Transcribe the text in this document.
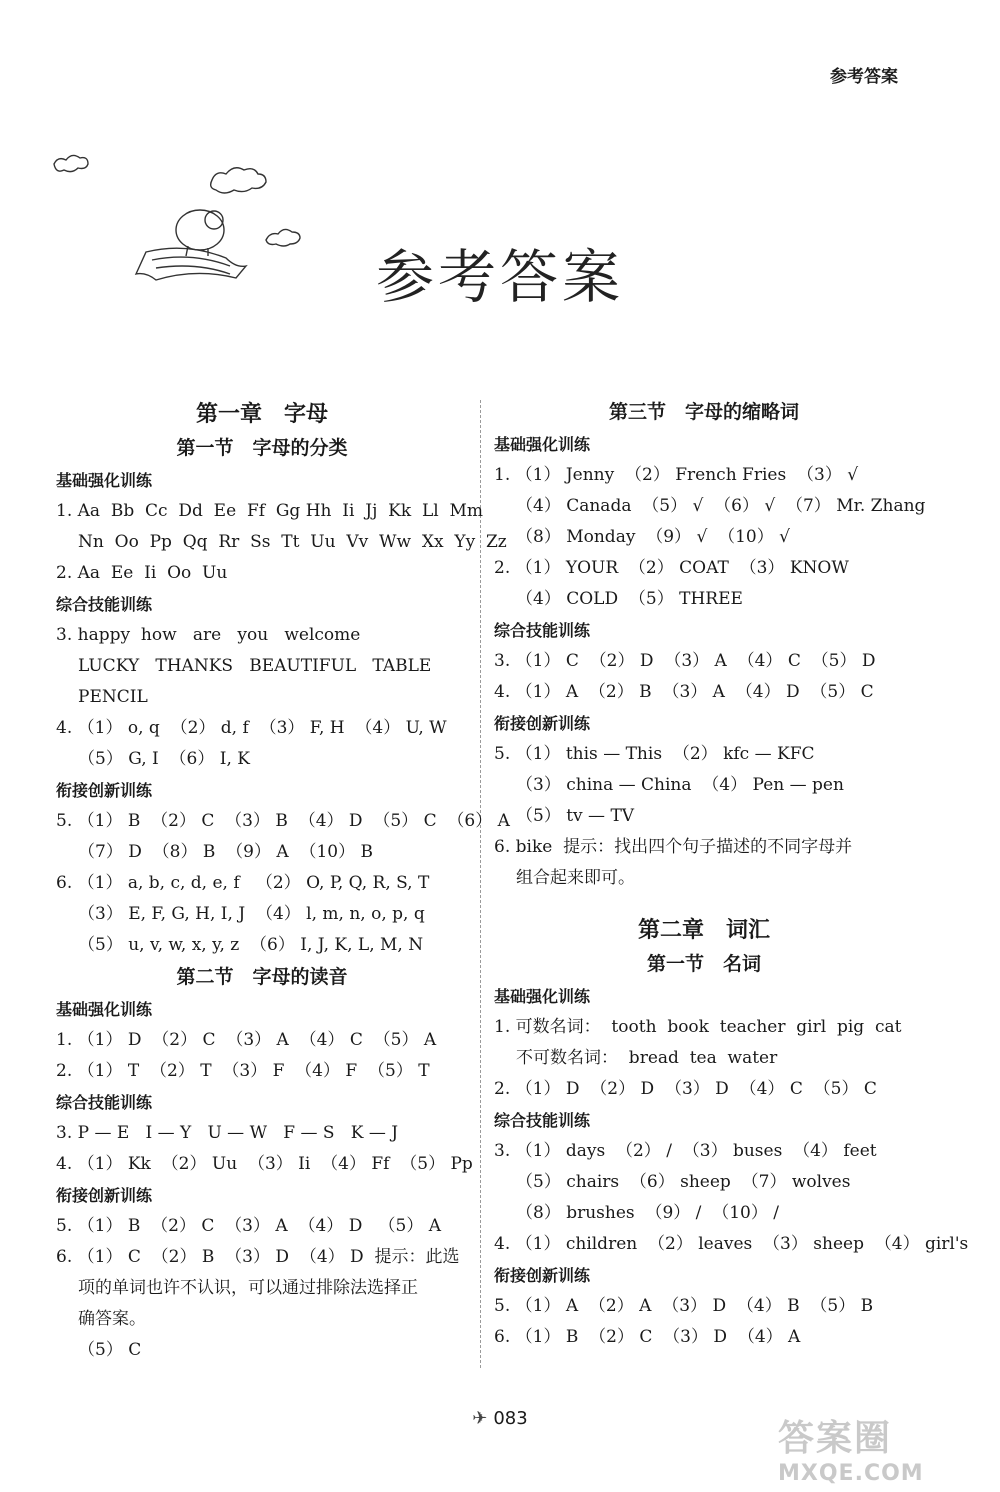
参考答案
参考答案
第一章　字母
第一节　字母的分类
基础强化训练
1. Aa  Bb  Cc  Dd  Ee  Ff  Gg Hh  Ii  Jj  Kk  Ll  Mm
Nn  Oo  Pp  Qq  Rr  Ss  Tt  Uu  Vv  Ww  Xx  Yy  Zz
2. Aa  Ee  Ii  Oo  Uu
综合技能训练
3. happy  how   are   you   welcome
LUCKY   THANKS   BEAUTIFUL   TABLE
PENCIL
4. （1） o, q  （2） d, f  （3） F, H  （4） U, W
（5） G, I  （6） I, K
衔接创新训练
5. （1） B  （2） C  （3） B  （4） D  （5） C  （6） A
（7） D  （8） B  （9） A  （10） B
6. （1） a, b, c, d, e, f   （2） O, P, Q, R, S, T
（3） E, F, G, H, I, J  （4） l, m, n, o, p, q
（5） u, v, w, x, y, z  （6） I, J, K, L, M, N
第二节　字母的读音
基础强化训练
1. （1） D  （2） C  （3） A  （4） C  （5） A
2. （1） T  （2） T  （3） F  （4） F  （5） T
综合技能训练
3. P — E   I — Y   U — W   F — S   K — J
4. （1） Kk  （2） Uu  （3） Ii  （4） Ff  （5） Pp
衔接创新训练
5. （1） B  （2） C  （3） A  （4） D   （5） A
6. （1） C  （2） B  （3） D  （4） D  提示：此选
项的单词也许不认识，可以通过排除法选择正
确答案。
（5） C
第三节　字母的缩略词
基础强化训练
1. （1） Jenny  （2） French Fries  （3） √
（4） Canada  （5） √  （6） √  （7） Mr. Zhang
（8） Monday  （9） √  （10） √
2. （1） YOUR  （2） COAT  （3） KNOW
（4） COLD  （5） THREE
综合技能训练
3. （1） C  （2） D  （3） A  （4） C  （5） D
4. （1） A  （2） B  （3） A  （4） D  （5） C
衔接创新训练
5. （1） this — This  （2） kfc — KFC
（3） china — China  （4） Pen — pen
（5） tv — TV
6. bike  提示：找出四个句子描述的不同字母并
组合起来即可。
第二章　词汇
第一节　名词
基础强化训练
1. 可数名词：  tooth  book  teacher  girl  pig  cat
不可数名词：  bread  tea  water
2. （1） D  （2） D  （3） D  （4） C  （5） C
综合技能训练
3. （1） days  （2） /  （3） buses  （4） feet
（5） chairs  （6） sheep  （7） wolves
（8） brushes  （9） /  （10） /
4. （1） children  （2） leaves  （3） sheep  （4） girl's
衔接创新训练
5. （1） A  （2） A  （3） D  （4） B  （5） B
6. （1） B  （2） C  （3） D  （4） A
✈ 083	答案圈
MXQE.COM
